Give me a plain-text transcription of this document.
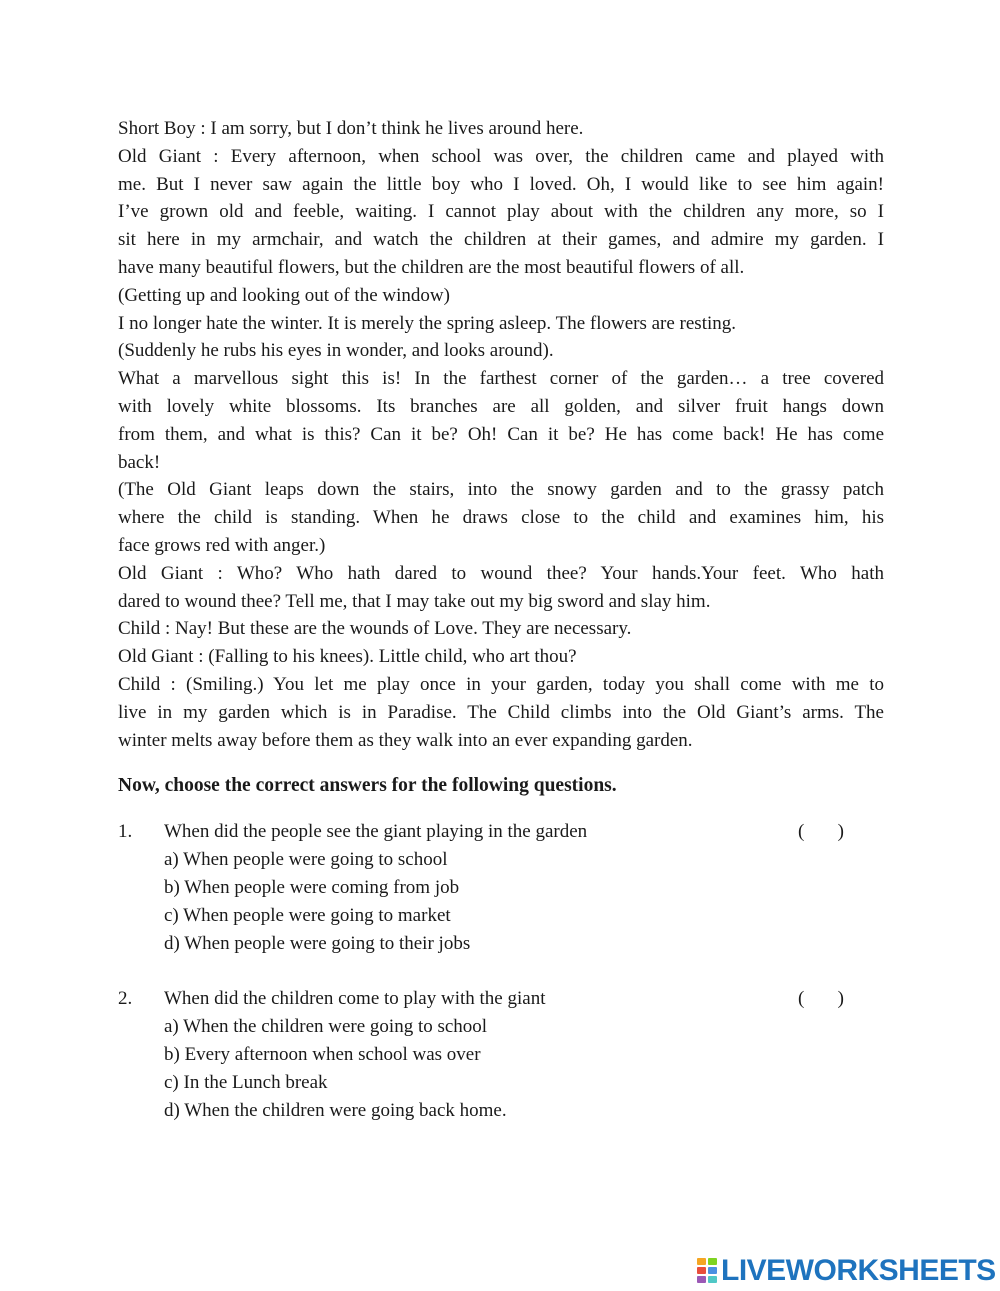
Short Boy : I am sorry, but I don’t think he lives around here.

Old Giant : Every afternoon, when school was over, the children came and played with

me. But I never saw again the little boy who I loved. Oh, I would like to see him again!

I’ve grown old and feeble, waiting. I cannot play about with the children any more, so I

sit here in my armchair, and watch the children at their games, and admire my garden. I

have many beautiful flowers, but the children are the most beautiful flowers of all.

(Getting up and looking out of the window)

I no longer hate the winter. It is merely the spring asleep. The flowers are resting.

(Suddenly he rubs his eyes in wonder, and looks around).

What a marvellous sight this is! In the farthest corner of the garden… a tree covered

with lovely white blossoms. Its branches are all golden, and silver fruit hangs down

from them, and what is this? Can it be? Oh! Can it be? He has come back! He has come

back!

(The Old Giant leaps down the stairs, into the snowy garden and to the grassy patch

where the child is standing. When he draws close to the child and examines him, his

face grows red with anger.)

Old Giant : Who? Who hath dared to wound thee? Your hands.Your feet. Who hath

dared to wound thee? Tell me, that I may take out my big sword and slay him.

Child : Nay! But these are the wounds of Love. They are necessary.

Old Giant : (Falling to his knees). Little child, who art thou?

Child : (Smiling.) You let me play once in your garden, today you shall come with me to

live in my garden which is in Paradise. The Child climbs into the Old Giant’s arms. The

winter melts away before them as they walk into an ever expanding garden.

Now, choose the correct answers for the following questions.
1. When did the people see the giant playing in the garden	(       )
a) When people were going to school
b) When people were coming from job
c) When people were going to market
d) When people were going to their jobs
2. When did the children come to play with the giant	(       )
a) When the children were going to school
b) Every afternoon when school was over
c) In the Lunch break
d) When the children were going back home.
LIVEWORKSHEETS
